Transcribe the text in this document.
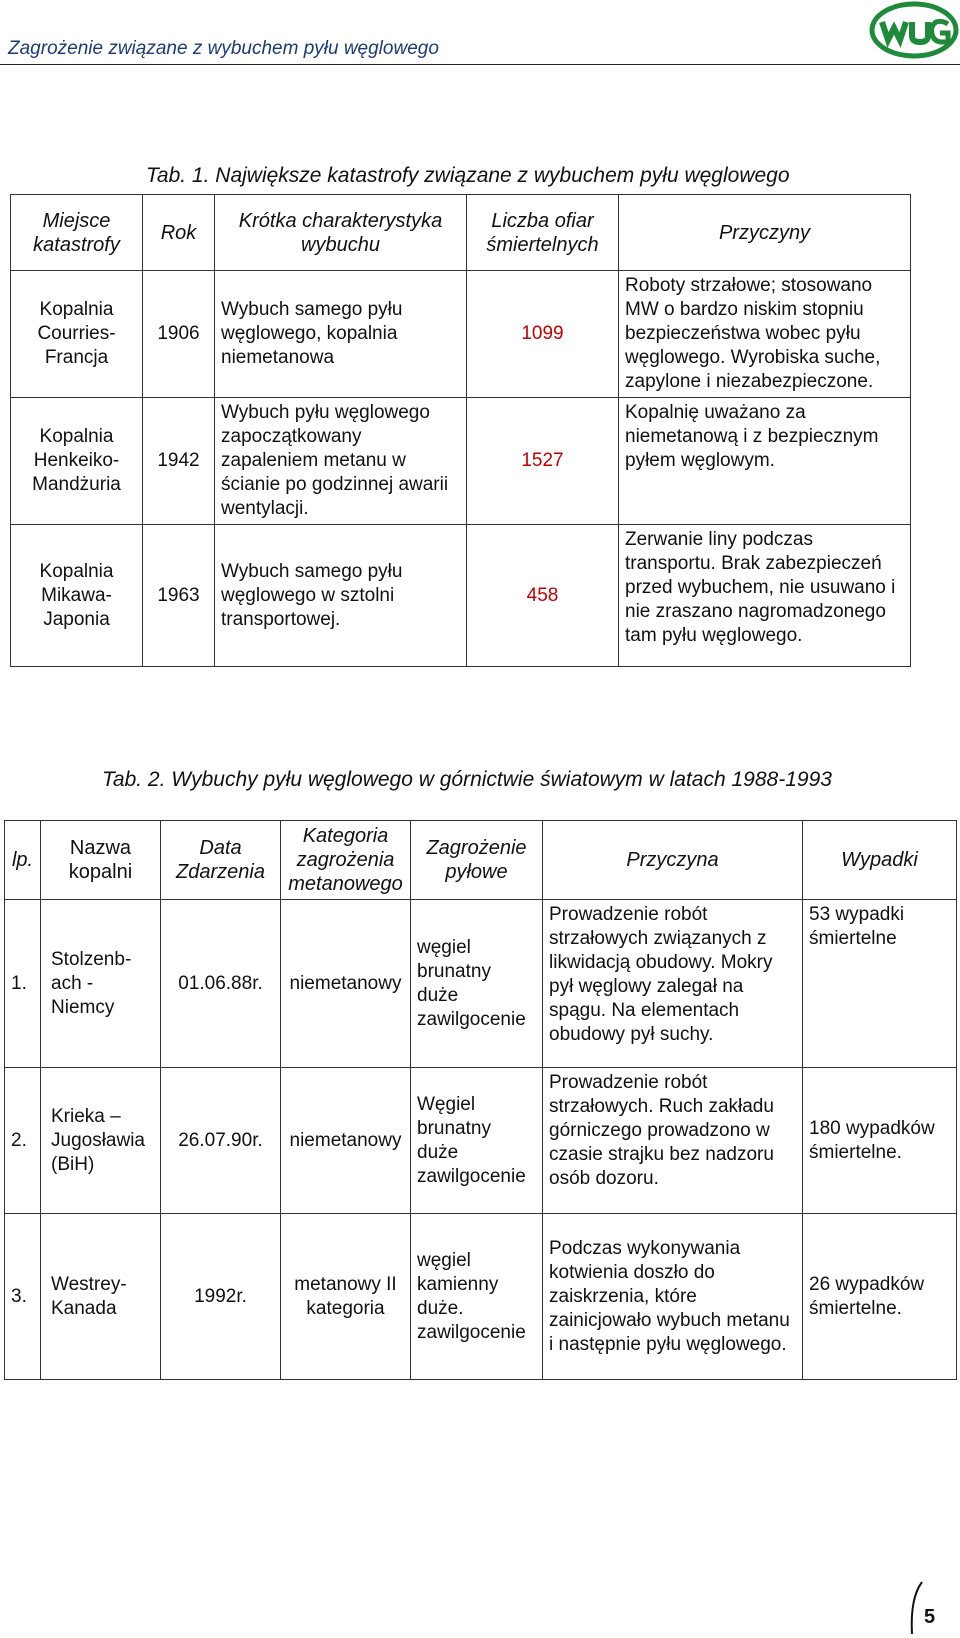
Zagrożenie związane z wybuchem pyłu węglowego
Tab. 1. Największe katastrofy związane z wybuchem pyłu węglowego
Miejsce katastrofy	Rok	Krótka charakterystyka wybuchu	Liczba ofiar śmiertelnych	Przyczyny
Kopalnia Courries-Francja	1906	Wybuch samego pyłu węglowego, kopalnia niemetanowa	1099	Roboty strzałowe; stosowano MW o bardzo niskim stopniu bezpieczeństwa wobec pyłu węglowego. Wyrobiska suche, zapylone i niezabezpieczone.
Kopalnia Henkeiko-Mandżuria	1942	Wybuch pyłu węglowego zapoczątkowany zapaleniem metanu w ścianie po godzinnej awarii wentylacji.	1527	Kopalnię uważano za niemetanową i z bezpiecznym pyłem węglowym.
Kopalnia Mikawa-Japonia	1963	Wybuch samego pyłu węglowego w sztolni transportowej.	458	Zerwanie liny podczas transportu. Brak zabezpieczeń przed wybuchem, nie usuwano i nie zraszano nagromadzonego tam pyłu węglowego.
Tab. 2. Wybuchy pyłu węglowego w górnictwie światowym w latach 1988-1993
lp.	Nazwa kopalni	Data Zdarzenia	Kategoria zagrożenia metanowego	Zagrożenie pyłowe	Przyczyna	Wypadki
1.	Stolzenb-ach - Niemcy	01.06.88r.	niemetanowy	węgiel brunatny duże zawilgocenie	Prowadzenie robót strzałowych związanych z likwidacją obudowy. Mokry pył węglowy zalegał na spągu. Na elementach obudowy pył suchy.	53 wypadki śmiertelne
2.	Krieka – Jugosławia (BiH)	26.07.90r.	niemetanowy	Węgiel brunatny duże zawilgocenie	Prowadzenie robót strzałowych. Ruch zakładu górniczego prowadzono w czasie strajku bez nadzoru osób dozoru.	180 wypadków śmiertelne.
3.	Westrey-Kanada	1992r.	metanowy II kategoria	węgiel kamienny duże. zawilgocenie	Podczas wykonywania kotwienia doszło do zaiskrzenia, które zainicjowało wybuch metanu i następnie pyłu węglowego.	26 wypadków śmiertelne.
5
